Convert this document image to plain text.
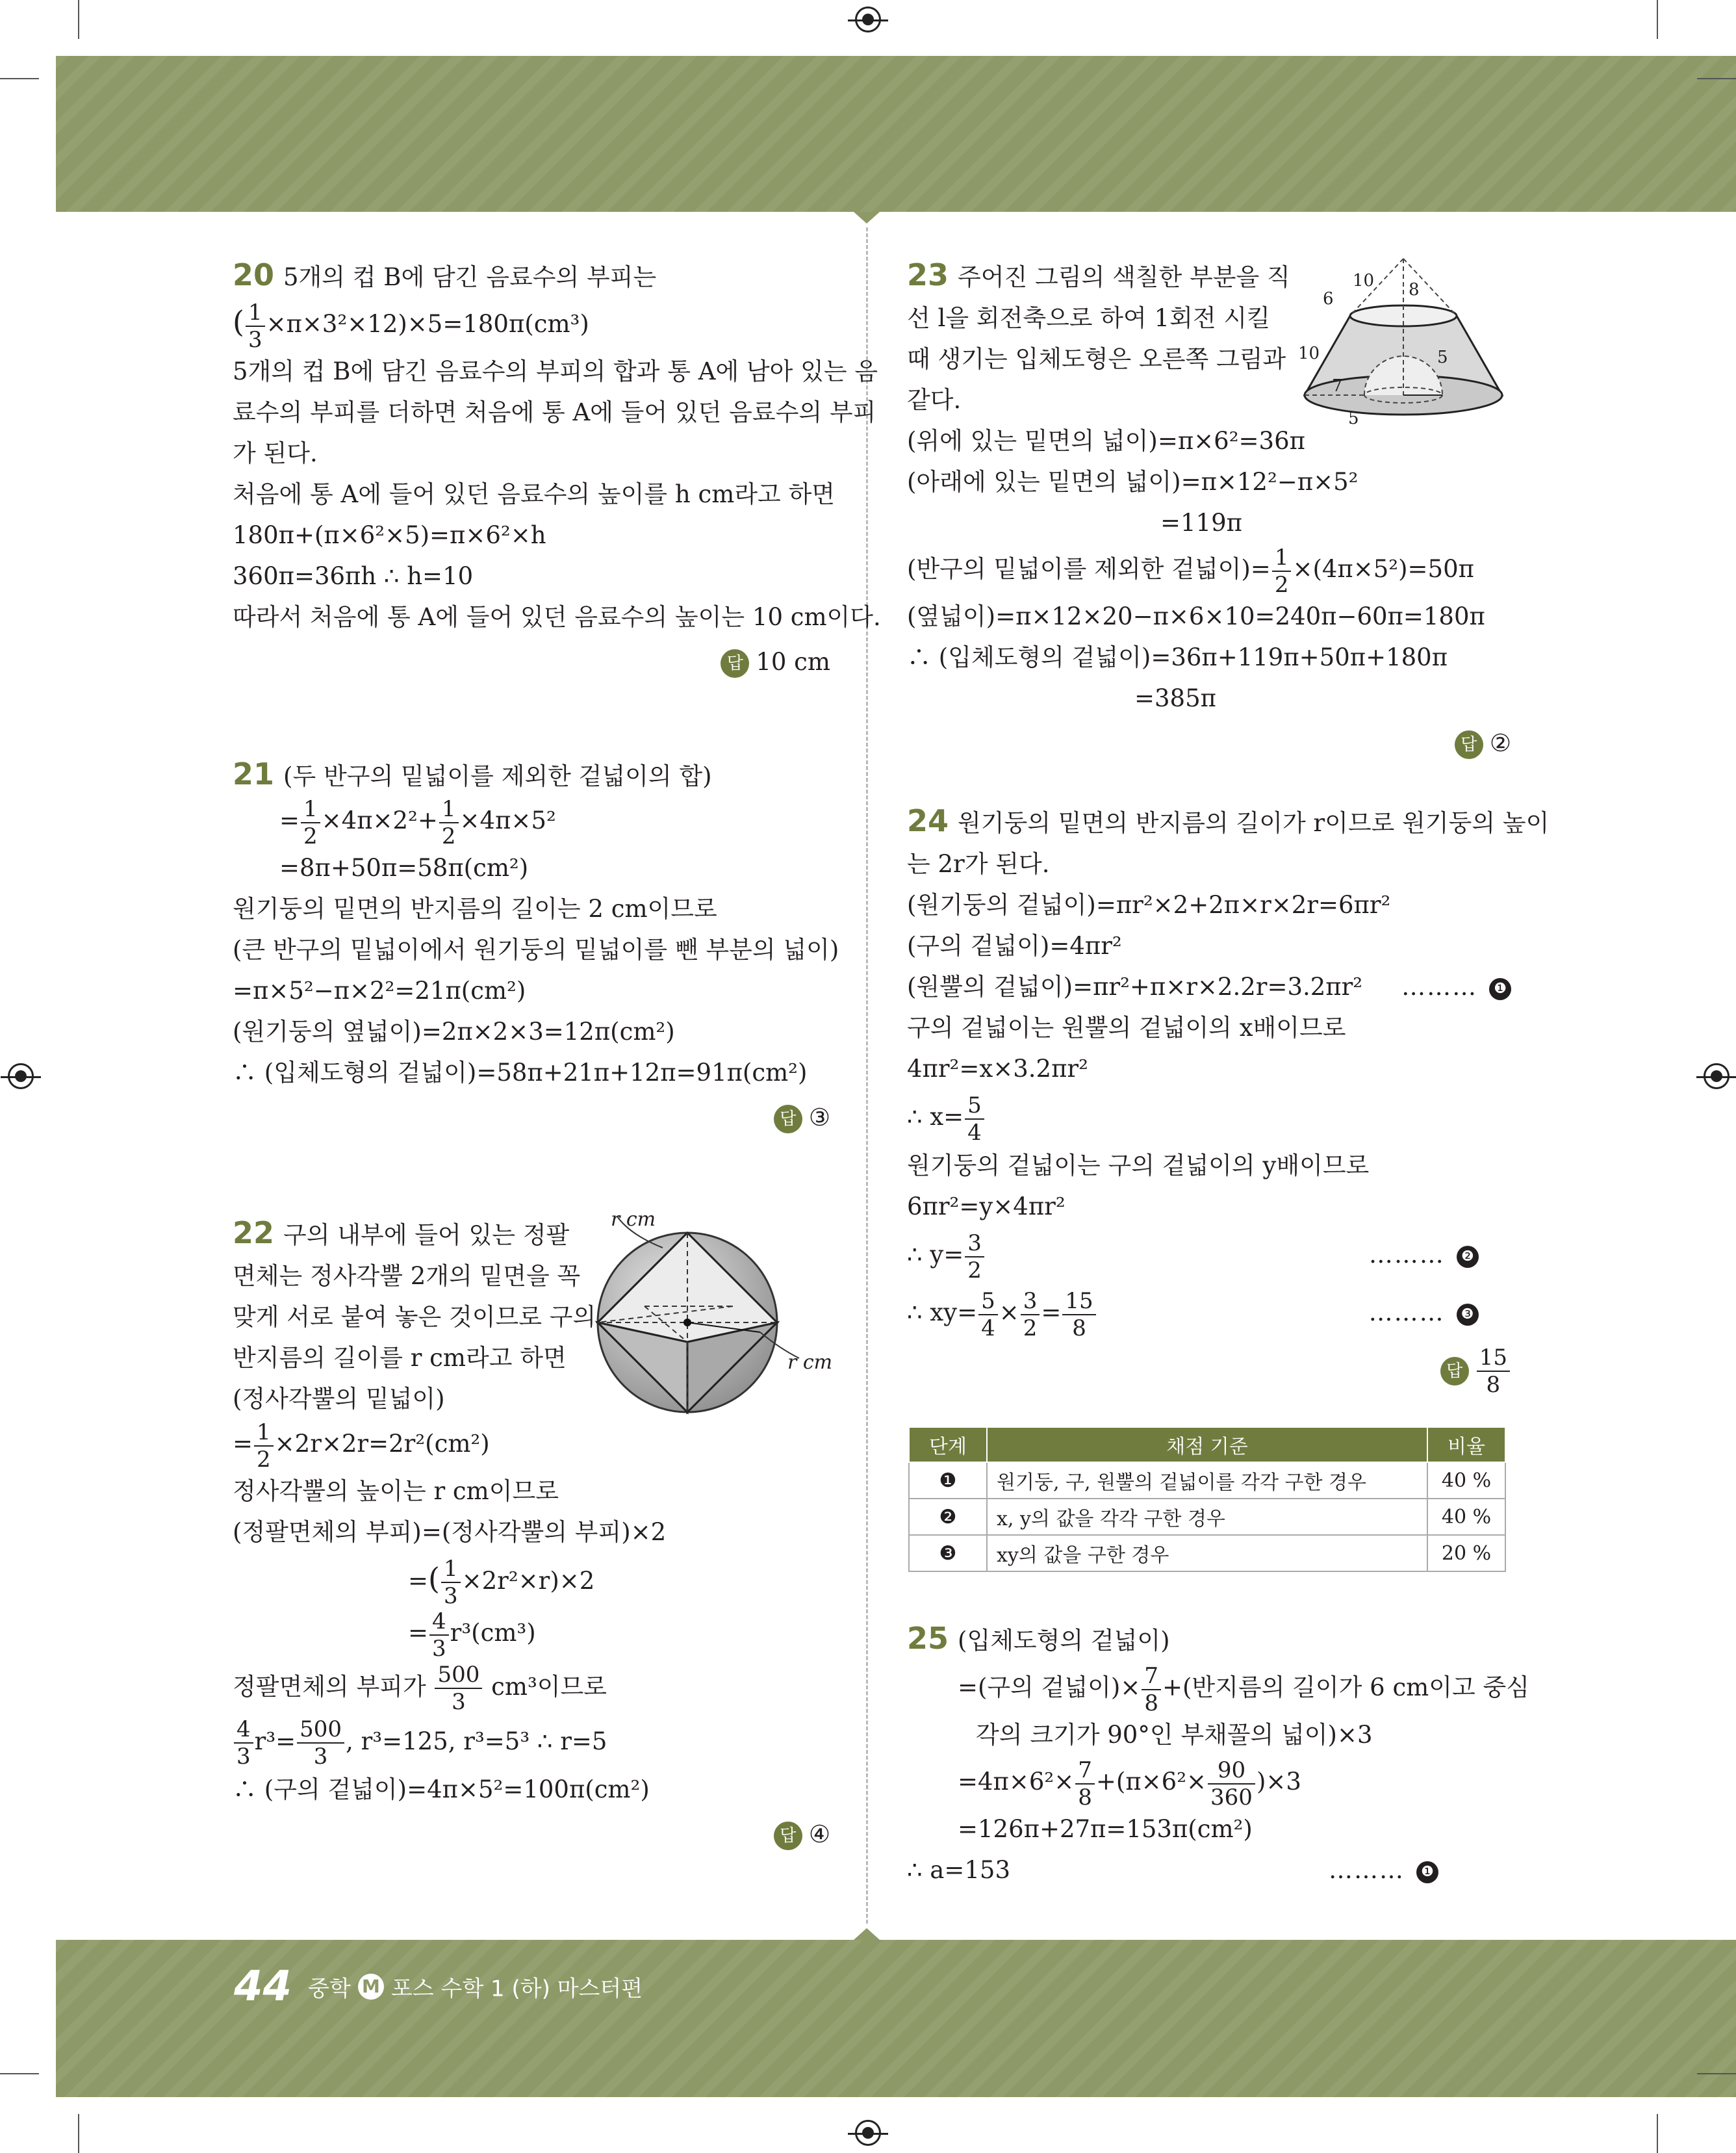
20 5개의 컵 B에 담긴 음료수의 부피는
( $\frac{1}{3} \times\pi\times 3^2\times 12)\times 5=180\pi(cm^3)$
5개의 컵 B에 담긴 음료수의 부피의 합과 통 A에 남아 있는 음
료수의 부피를 더하면 처음에 통 A에 들어 있던 음료수의 부피
가 된다.
처음에 통 A에 들어 있던 음료수의 높이를 h cm라고 하면
180π+(π×6²×5)=π×6²×h
360π=36πh ∴ h=10
따라서 처음에 통 A에 들어 있던 음료수의 높이는 10 cm이다.
답 10 cm
21 (두 반구의 밑넓이를 제외한 겉넓이의 합)
= $\frac{1}{2} \times 4\pi\times 2^2+ \frac{1}{2} \times 4\pi\times 5^2$
=8π+50π=58π(cm²)
원기둥의 밑면의 반지름의 길이는 2 cm이므로
(큰 반구의 밑넓이에서 원기둥의 밑넓이를 뺀 부분의 넓이)
=π×5²−π×2²=21π(cm²)
(원기둥의 옆넓이)=2π×2×3=12π(cm²)
∴ (입체도형의 겉넓이)=58π+21π+12π=91π(cm²)
답 ③
22 구의 내부에 들어 있는 정팔
면체는 정사각뿔 2개의 밑면을 꼭
맞게 서로 붙여 놓은 것이므로 구의
반지름의 길이를 r cm라고 하면
(정사각뿔의 밑넓이)
= $\frac{1}{2} \times 2r\times 2r=2r^2(cm^2)$
정사각뿔의 높이는 r cm이므로
(정팔면체의 부피)=(정사각뿔의 부피)×2
=( $\frac{1}{3} \times 2r^2\times r)\times 2$
= $\frac{4}{3} r^3(cm^3)$
정팔면체의 부피가 $\frac{500}{3} cm^3$이므로
$\frac{4}{3} r^3= \frac{500}{3}$ , r³=125, r³=5³ ∴ r=5
∴ (구의 겉넓이)=4π×5²=100π(cm²)
답 ④
r cm
r cm
23 주어진 그림의 색칠한 부분을 직
선 l을 회전축으로 하여 1회전 시킬
때 생기는 입체도형은 오른쪽 그림과
같다.
(위에 있는 밑면의 넓이)=π×6²=36π
(아래에 있는 밑면의 넓이)=π×12²−π×5²
=119π
(반구의 밑넓이를 제외한 겉넓이)= $\frac{1}{2} \times(4\pi\times 5^2)=50\pi$
(옆넓이)=π×12×20−π×6×10=240π−60π=180π
∴ (입체도형의 겉넓이)=36π+119π+50π+180π
=385π
답 ②
10
6	8
10	5
7
5
24 원기둥의 밑면의 반지름의 길이가 r이므로 원기둥의 높이
는 2r가 된다.
(원기둥의 겉넓이)=πr²×2+2π×r×2r=6πr²
(구의 겉넓이)=4πr²
(원뿔의 겉넓이)=πr²+π×r×2.2r=3.2πr² ……… ❶
구의 겉넓이는 원뿔의 겉넓이의 x배이므로
4πr²=x×3.2πr²
∴ $x= \frac{5}{4}$
원기둥의 겉넓이는 구의 겉넓이의 y배이므로
6πr²=y×4πr²
∴ $y= \frac{3}{2}$	……… ❷
∴ $xy= \frac{5}{4} \times \frac{3}{2} = \frac{15}{8}$	……… ❸
답 $\frac{15}{8}$
단계	채점 기준	비율
❶	원기둥, 구, 원뿔의 겉넓이를 각각 구한 경우	40 %
❷	x, y의 값을 각각 구한 경우	40 %
❸	xy의 값을 구한 경우	20 %
25 (입체도형의 겉넓이)
=(구의 겉넓이)× $\frac{7}{8}$ +(반지름의 길이가 6 cm이고 중심
각의 크기가 90°인 부채꼴의 넓이)×3
$=4\pi\times 6^2\times \frac{7}{8} +(\pi\times 6^2\times \frac{90}{360} )\times 3$
=126π+27π=153π(cm²)
∴ a=153	……… ❶
44 중학 M 포스 수학 1 (하) 마스터편
